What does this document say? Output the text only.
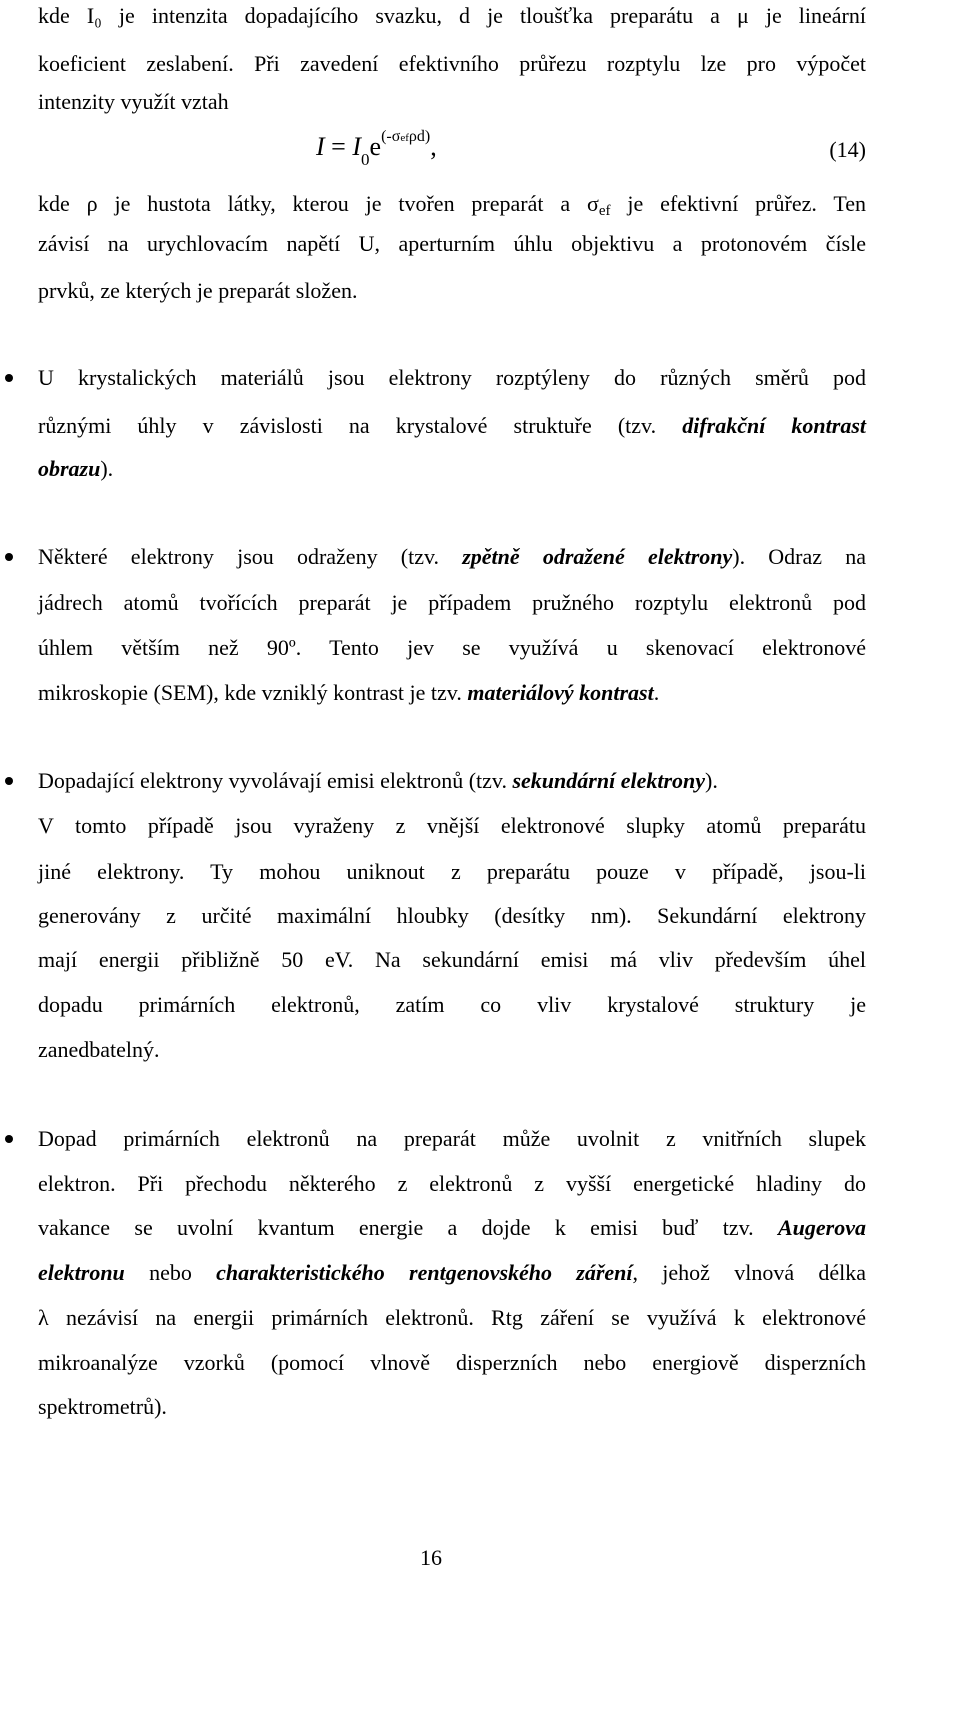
kde I₀ je intenzita dopadajícího svazku, d je tloušťka preparátu a μ je lineární
koeficient zeslabení. Při zavedení efektivního průřezu rozptylu lze pro výpočet
intenzity využít vztah
$I = I_0e^{(-\sigma ef\rho d)}$,	(14)
kde ρ je hustota látky, kterou je tvořen preparát a $\sigma_{ef}$ je efektivní průřez. Ten
závisí na urychlovacím napětí U, aperturním úhlu objektivu a protonovém čísle
prvků, ze kterých je preparát složen.
U krystalických materiálů jsou elektrony rozptýleny do různých směrů pod
různými úhly v závislosti na krystalové struktuře (tzv. difrakční kontrast
obrazu).
Některé elektrony jsou odraženy (tzv. zpětně odražené elektrony). Odraz na
jádrech atomů tvořících preparát je případem pružného rozptylu elektronů pod
úhlem větším než 90º. Tento jev se využívá u skenovací elektronové
mikroskopie (SEM), kde vzniklý kontrast je tzv. materiálový kontrast.
Dopadající elektrony vyvolávají emisi elektronů (tzv. sekundární elektrony).
V tomto případě jsou vyraženy z vnější elektronové slupky atomů preparátu
jiné elektrony. Ty mohou uniknout z preparátu pouze v případě, jsou-li
generovány z určité maximální hloubky (desítky nm). Sekundární elektrony
mají energii přibližně 50 eV. Na sekundární emisi má vliv především úhel
dopadu primárních elektronů, zatím co vliv krystalové struktury je
zanedbatelný.
Dopad primárních elektronů na preparát může uvolnit z vnitřních slupek
elektron. Při přechodu některého z elektronů z vyšší energetické hladiny do
vakance se uvolní kvantum energie a dojde k emisi buď tzv. Augerova
elektronu nebo charakteristického rentgenovského záření, jehož vlnová délka
λ nezávisí na energii primárních elektronů. Rtg záření se využívá k elektronové
mikroanalýze vzorků (pomocí vlnově disperzních nebo energiově disperzních
spektrometrů).
16
